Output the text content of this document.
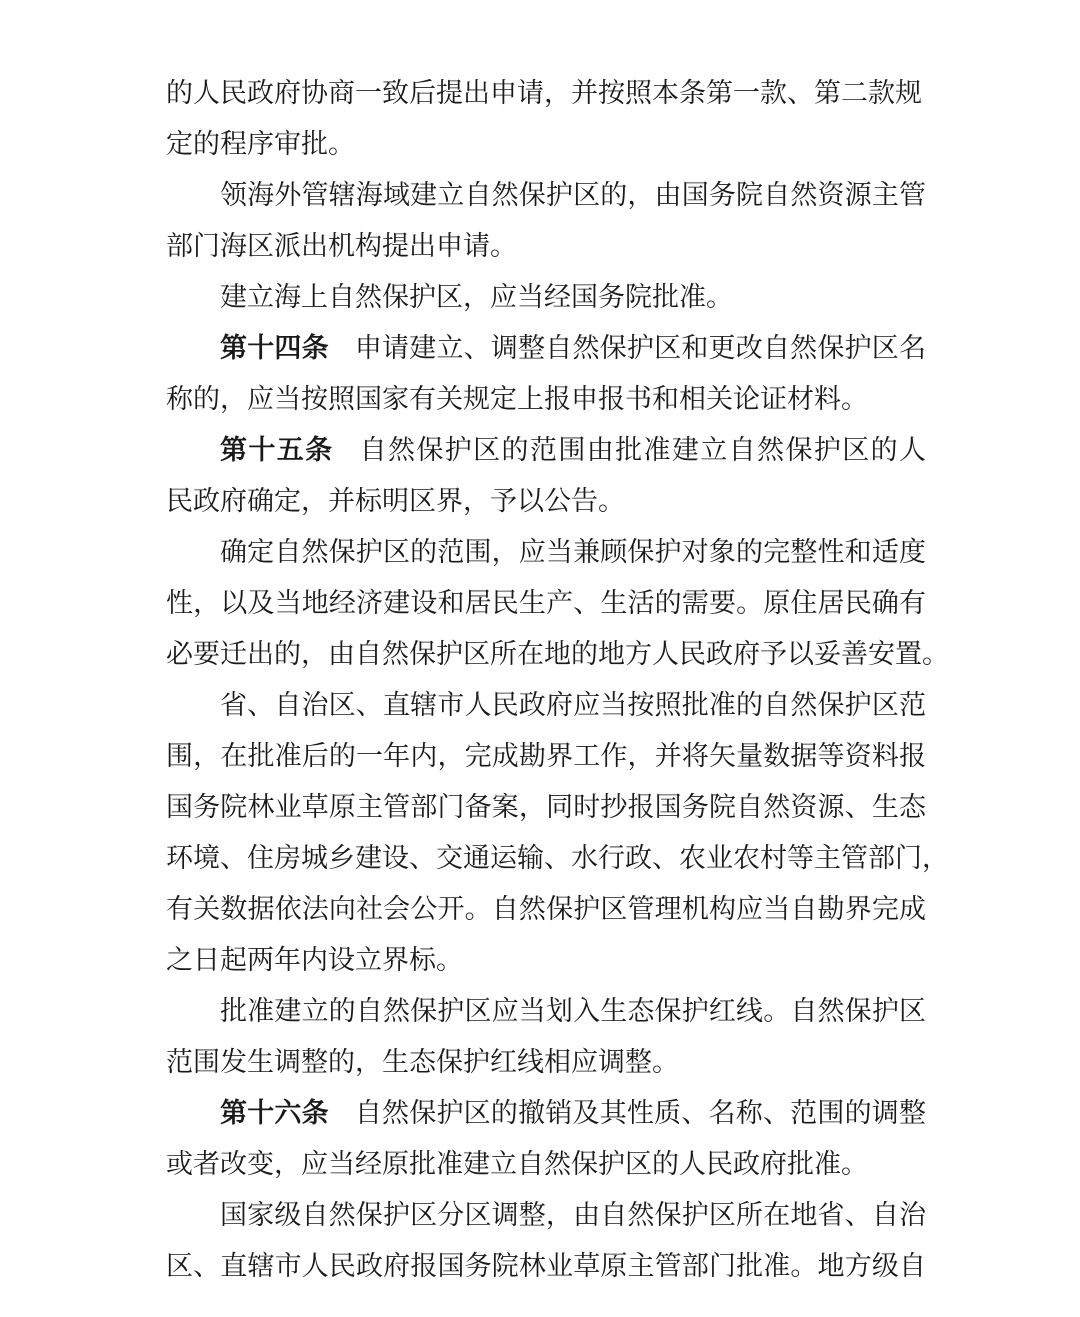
的人民政府协商一致后提出申请，并按照本条第一款、第二款规
定的程序审批。
领海外管辖海域建立自然保护区的，由国务院自然资源主管
部门海区派出机构提出申请。
建立海上自然保护区，应当经国务院批准。
第十四条 申请建立、调整自然保护区和更改自然保护区名
称的，应当按照国家有关规定上报申报书和相关论证材料。
第十五条 自然保护区的范围由批准建立自然保护区的人
民政府确定，并标明区界，予以公告。
确定自然保护区的范围，应当兼顾保护对象的完整性和适度
性，以及当地经济建设和居民生产、生活的需要。原住居民确有
必要迁出的，由自然保护区所在地的地方人民政府予以妥善安置。
省、自治区、直辖市人民政府应当按照批准的自然保护区范
围，在批准后的一年内，完成勘界工作，并将矢量数据等资料报
国务院林业草原主管部门备案，同时抄报国务院自然资源、生态
环境、住房城乡建设、交通运输、水行政、农业农村等主管部门，
有关数据依法向社会公开。自然保护区管理机构应当自勘界完成
之日起两年内设立界标。
批准建立的自然保护区应当划入生态保护红线。自然保护区
范围发生调整的，生态保护红线相应调整。
第十六条 自然保护区的撤销及其性质、名称、范围的调整
或者改变，应当经原批准建立自然保护区的人民政府批准。
国家级自然保护区分区调整，由自然保护区所在地省、自治
区、直辖市人民政府报国务院林业草原主管部门批准。地方级自
